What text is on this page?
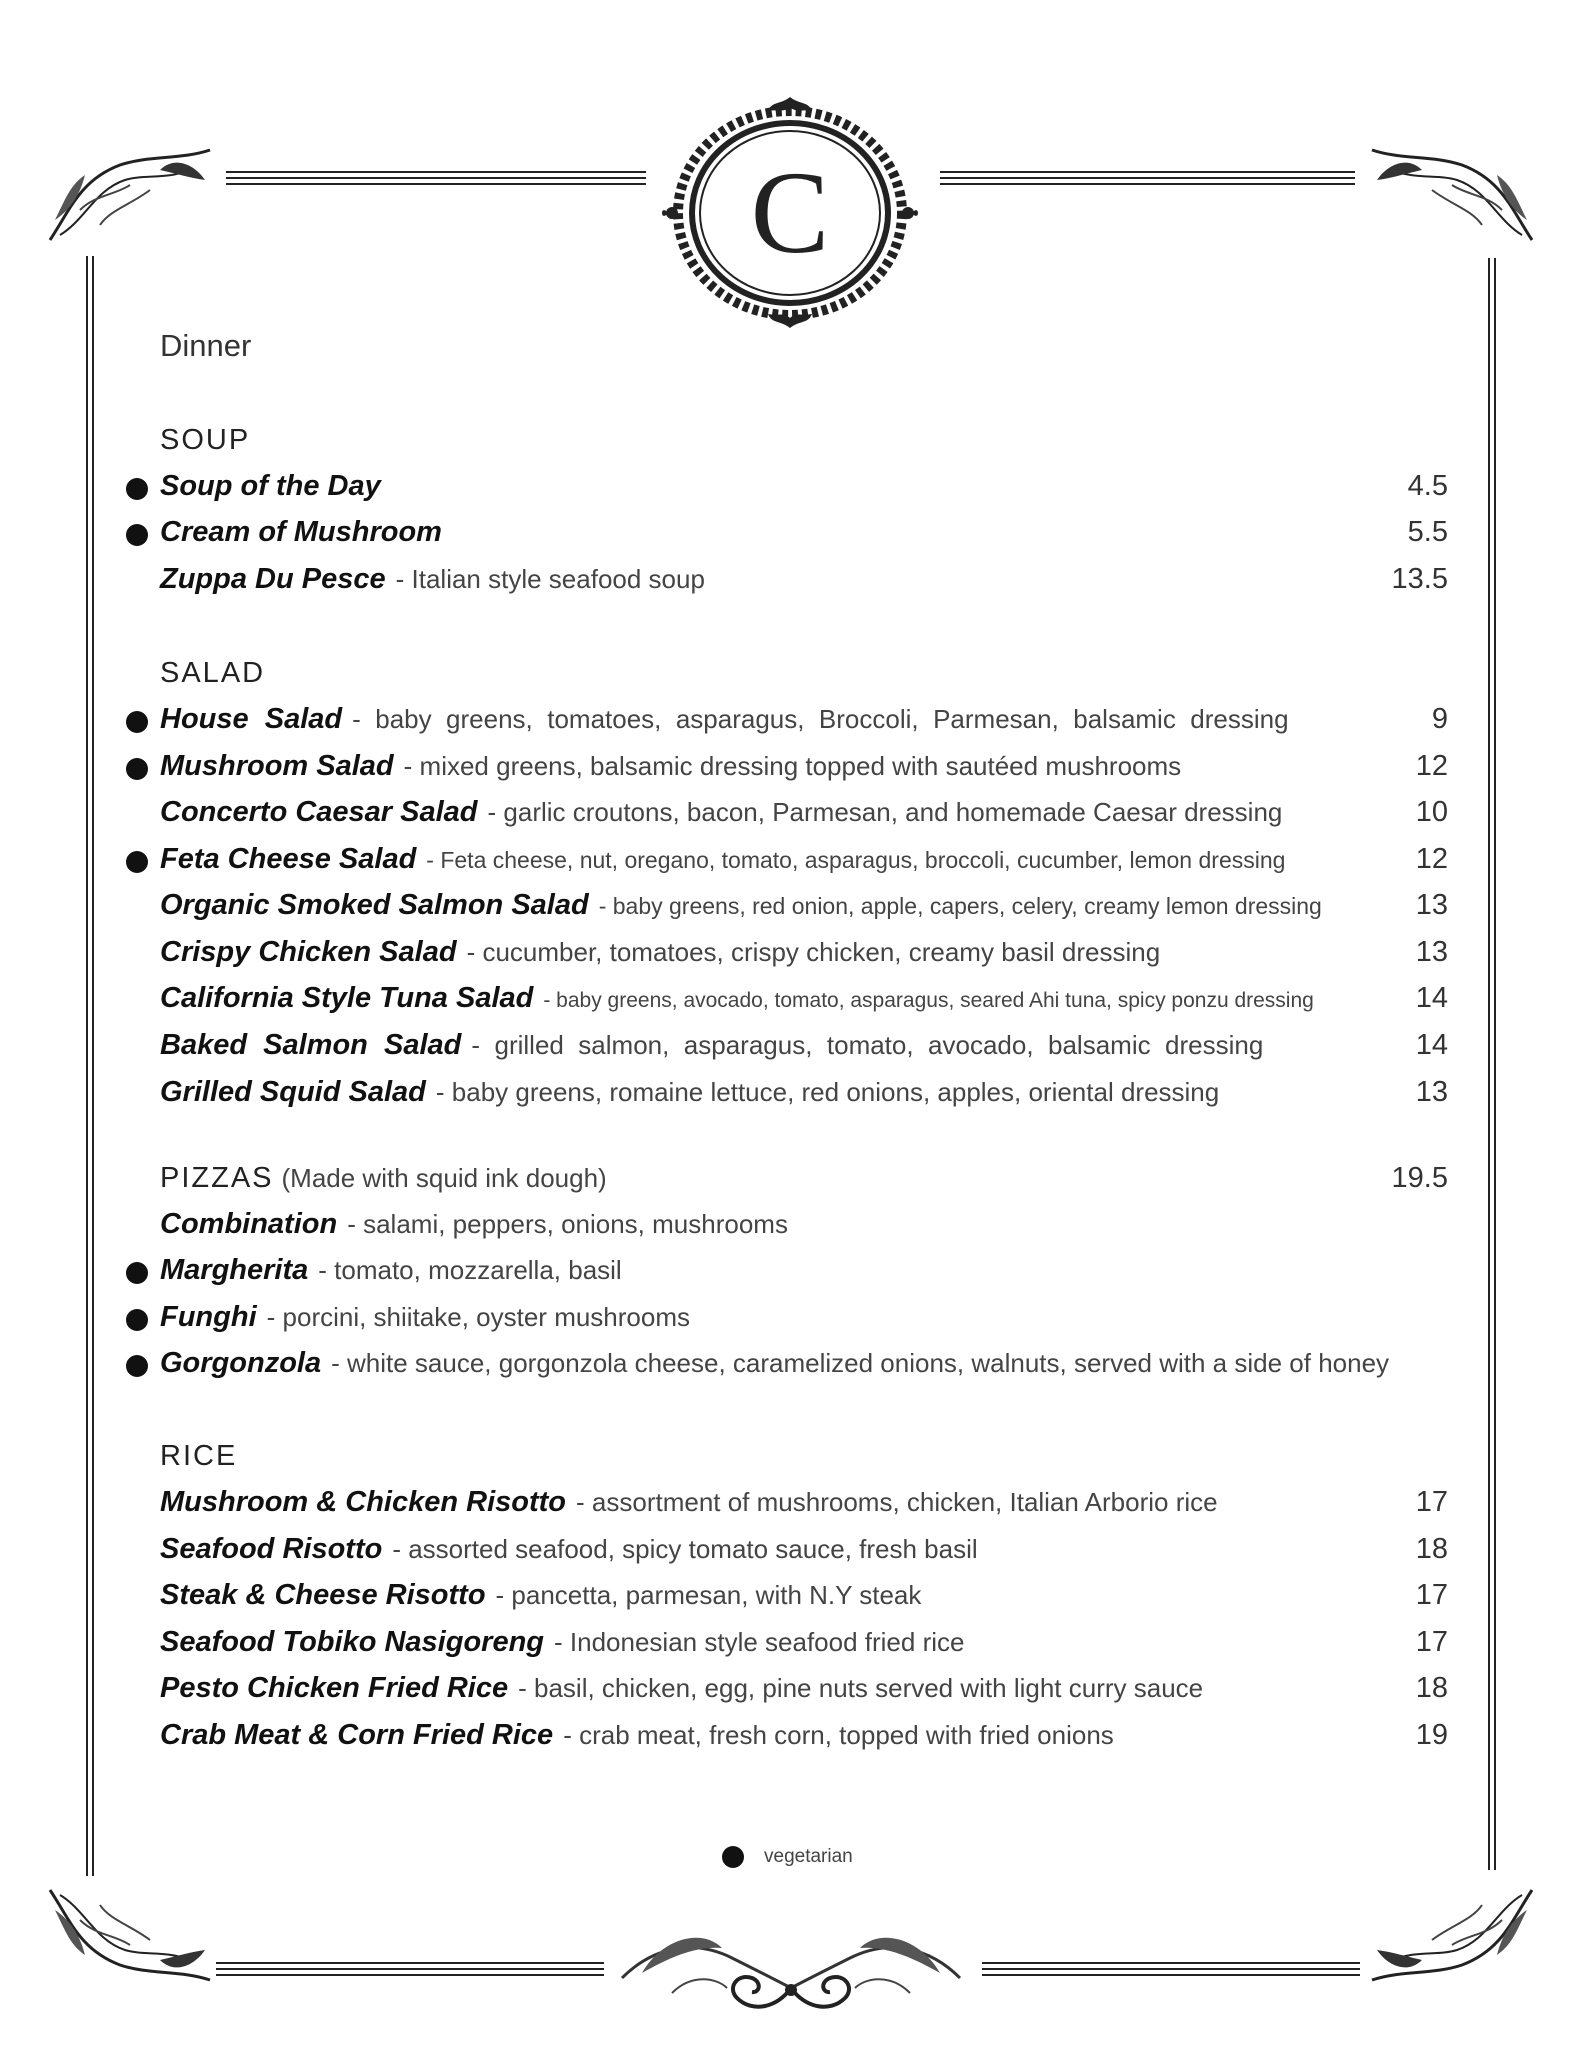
C
Dinner
SOUP
Soup of the Day	4.5
Cream of Mushroom	5.5
Zuppa Du Pesce - Italian style seafood soup	13.5
SALAD
House  Salad -  baby  greens,  tomatoes,  asparagus,  Broccoli,  Parmesan,  balsamic  dressing	9
Mushroom Salad - mixed greens, balsamic dressing topped with sautéed mushrooms	12
Concerto Caesar Salad - garlic croutons, bacon, Parmesan, and homemade Caesar dressing	10
Feta Cheese Salad - Feta cheese, nut, oregano, tomato, asparagus, broccoli, cucumber, lemon dressing	12
Organic Smoked Salmon Salad - baby greens, red onion, apple, capers, celery, creamy lemon dressing	13
Crispy Chicken Salad - cucumber, tomatoes, crispy chicken, creamy basil dressing	13
California Style Tuna Salad - baby greens, avocado, tomato, asparagus, seared Ahi tuna, spicy ponzu dressing	14
Baked  Salmon  Salad -  grilled  salmon,  asparagus,  tomato,  avocado,  balsamic  dressing	14
Grilled Squid Salad - baby greens, romaine lettuce, red onions, apples, oriental dressing	13
PIZZAS (Made with squid ink dough)	19.5
Combination - salami, peppers, onions, mushrooms
Margherita - tomato, mozzarella, basil
Funghi - porcini, shiitake, oyster mushrooms
Gorgonzola - white sauce, gorgonzola cheese, caramelized onions, walnuts, served with a side of honey
RICE
Mushroom & Chicken Risotto - assortment of mushrooms, chicken, Italian Arborio rice	17
Seafood Risotto - assorted seafood, spicy tomato sauce, fresh basil	18
Steak & Cheese Risotto - pancetta, parmesan, with N.Y steak	17
Seafood Tobiko Nasigoreng - Indonesian style seafood fried rice	17
Pesto Chicken Fried Rice - basil, chicken, egg, pine nuts served with light curry sauce	18
Crab Meat & Corn Fried Rice - crab meat, fresh corn, topped with fried onions	19
vegetarian
